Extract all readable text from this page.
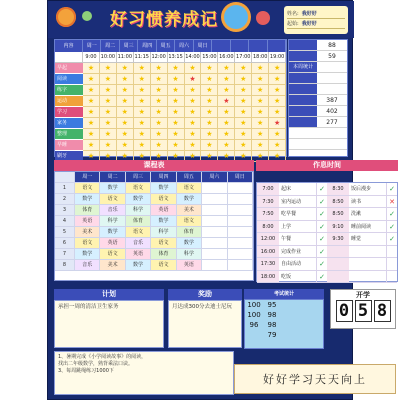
好习惯养成记	姓名: 我好好
起始: 我好好
内容	周一	周二	周三	周四	周五	周六	周日
9:00 10:00 11:00 11:15 12:00 13:15 14:00 15:00 16:00 17:00 18:00 19:00
早起	★	★	★	★	★	★	★	★	★	★	★	★
阅读	★	★	★	★	★	★	★	★	★	★	★	★
练字	★	★	★	★	★	★	★	★	★	★	★	★
运动	★	★	★	★	★	★	★	★	★	★	★	★
学习	★	★	★	★	★	★	★	★	★	★	★	★
家务	★	★	★	★	★	★	★	★	★	★	★	★
整理	★	★	★	★	★	★	★	★	★	★	★	★
早睡	★	★	★	★	★	★	★	★	★	★	★	★
刷牙	★	★	★	★	★	★	★	★	★	★	★	★
88
59
本周统计
387
402
277
课程表
周一	周二	周三	周四	周五	周六	周日
1	语文	数学	语文	数学	语文
2	数学	语文	数学	语文	数学
3	体育	音乐	科学	英语	美术
4	英语	科学	体育	数学	语文
5	美术	数学	语文	科学	体育
6	语文	英语	音乐	语文	数学
7	数学	语文	英语	体育	科学
8	音乐	美术	数学	语文	英语
作息时间
7:00	起床	✓	8:30	饭后漫步	✓
7:30	室内运动	✓	8:50	读书	✕
7:50	吃早餐	✓	8:50	洗漱	✓
8:00	上学	✓	9:10	睡前阅读	✓
12:00	午餐	✓	9:30	睡觉	✓
16:00	完成作业	✓
17:30	自由活动	✓
18:00	吃饭	✓
计划
承担一周的清洁卫生家务
奖励
月达成300分去迪士尼玩
考试统计
100 95
100 98
96	98
79
开学
0 5 8
1、暑期完成《小学阅读故事》的阅读，
找出二年级数学，熟背乘法口诀。
3、每周跳绳练习1000下
好好学习天天向上
